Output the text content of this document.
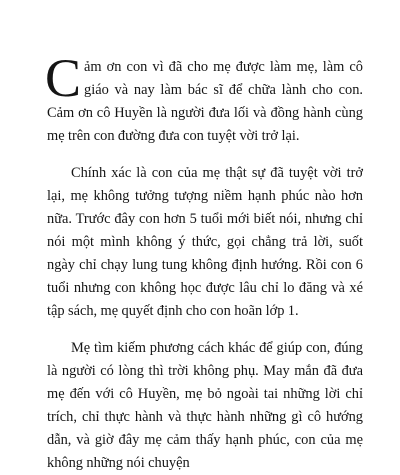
Cảm ơn con vì đã cho mẹ được làm mẹ, làm cô giáo và nay làm bác sĩ để chữa lành cho con. Cảm ơn cô Huyền là người đưa lối và đồng hành cùng mẹ trên con đường đưa con tuyệt vời trở lại.

Chính xác là con của mẹ thật sự đã tuyệt vời trở lại, mẹ không tưởng tượng niềm hạnh phúc nào hơn nữa. Trước đây con hơn 5 tuổi mới biết nói, nhưng chỉ nói một mình không ý thức, gọi chẳng trả lời, suốt ngày chỉ chạy lung tung không định hướng. Rồi con 6 tuổi nhưng con không học được lâu chỉ lo đăng và xé tập sách, mẹ quyết định cho con hoãn lớp 1.

Mẹ tìm kiếm phương cách khác để giúp con, đúng là người có lòng thì trời không phụ. May mắn đã đưa mẹ đến với cô Huyền, mẹ bỏ ngoài tai những lời chỉ trích, chỉ thực hành và thực hành những gì cô hướng dẫn, và giờ đây mẹ cảm thấy hạnh phúc, con của mẹ không những nói chuyện
